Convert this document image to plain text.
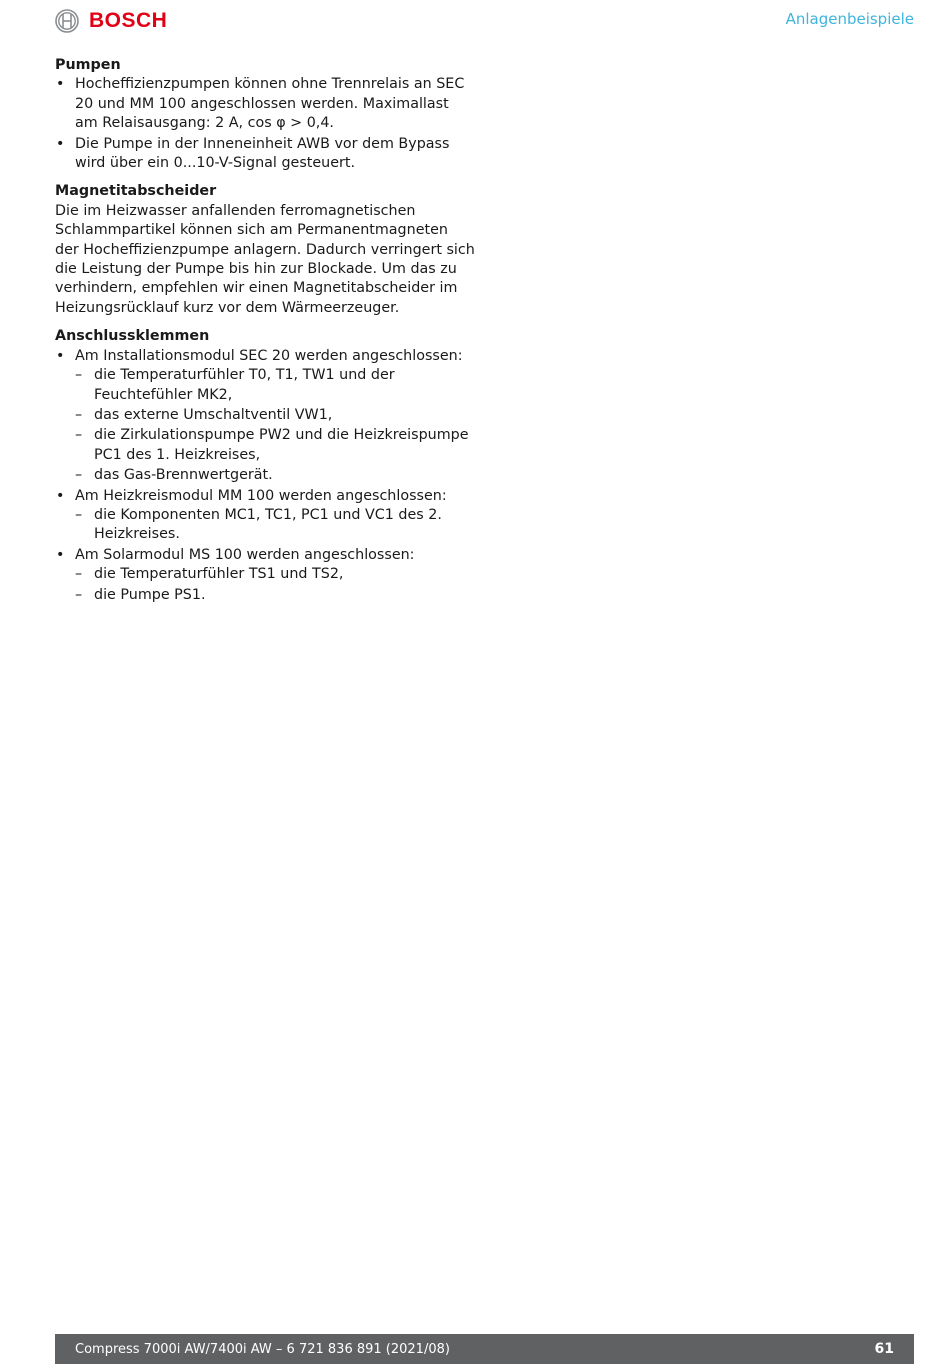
BOSCH	Anlagenbeispiele

Pumpen

• Hocheffizienzpumpen können ohne Trennrelais an SEC 20 und MM 100 angeschlossen werden. Maximallast am Relaisausgang: 2 A, cos φ > 0,4.
• Die Pumpe in der Inneneinheit AWB vor dem Bypass wird über ein 0...10-V-Signal gesteuert.

Magnetitabscheider

Die im Heizwasser anfallenden ferromagnetischen Schlammpartikel können sich am Permanentmagneten der Hocheffizienzpumpe anlagern. Dadurch verringert sich die Leistung der Pumpe bis hin zur Blockade. Um das zu verhindern, empfehlen wir einen Magnetitabscheider im Heizungsrücklauf kurz vor dem Wärmeerzeuger.

Anschlussklemmen

• Am Installationsmodul SEC 20 werden angeschlossen:
– die Temperaturfühler T0, T1, TW1 und der Feuchtefühler MK2,
– das externe Umschaltventil VW1,
– die Zirkulationspumpe PW2 und die Heizkreispumpe PC1 des 1. Heizkreises,
– das Gas-Brennwertgerät.
• Am Heizkreismodul MM 100 werden angeschlossen:
– die Komponenten MC1, TC1, PC1 und VC1 des 2. Heizkreises.
• Am Solarmodul MS 100 werden angeschlossen:
– die Temperaturfühler TS1 und TS2,
– die Pumpe PS1.
Compress 7000i AW/7400i AW – 6 721 836 891 (2021/08)	61
